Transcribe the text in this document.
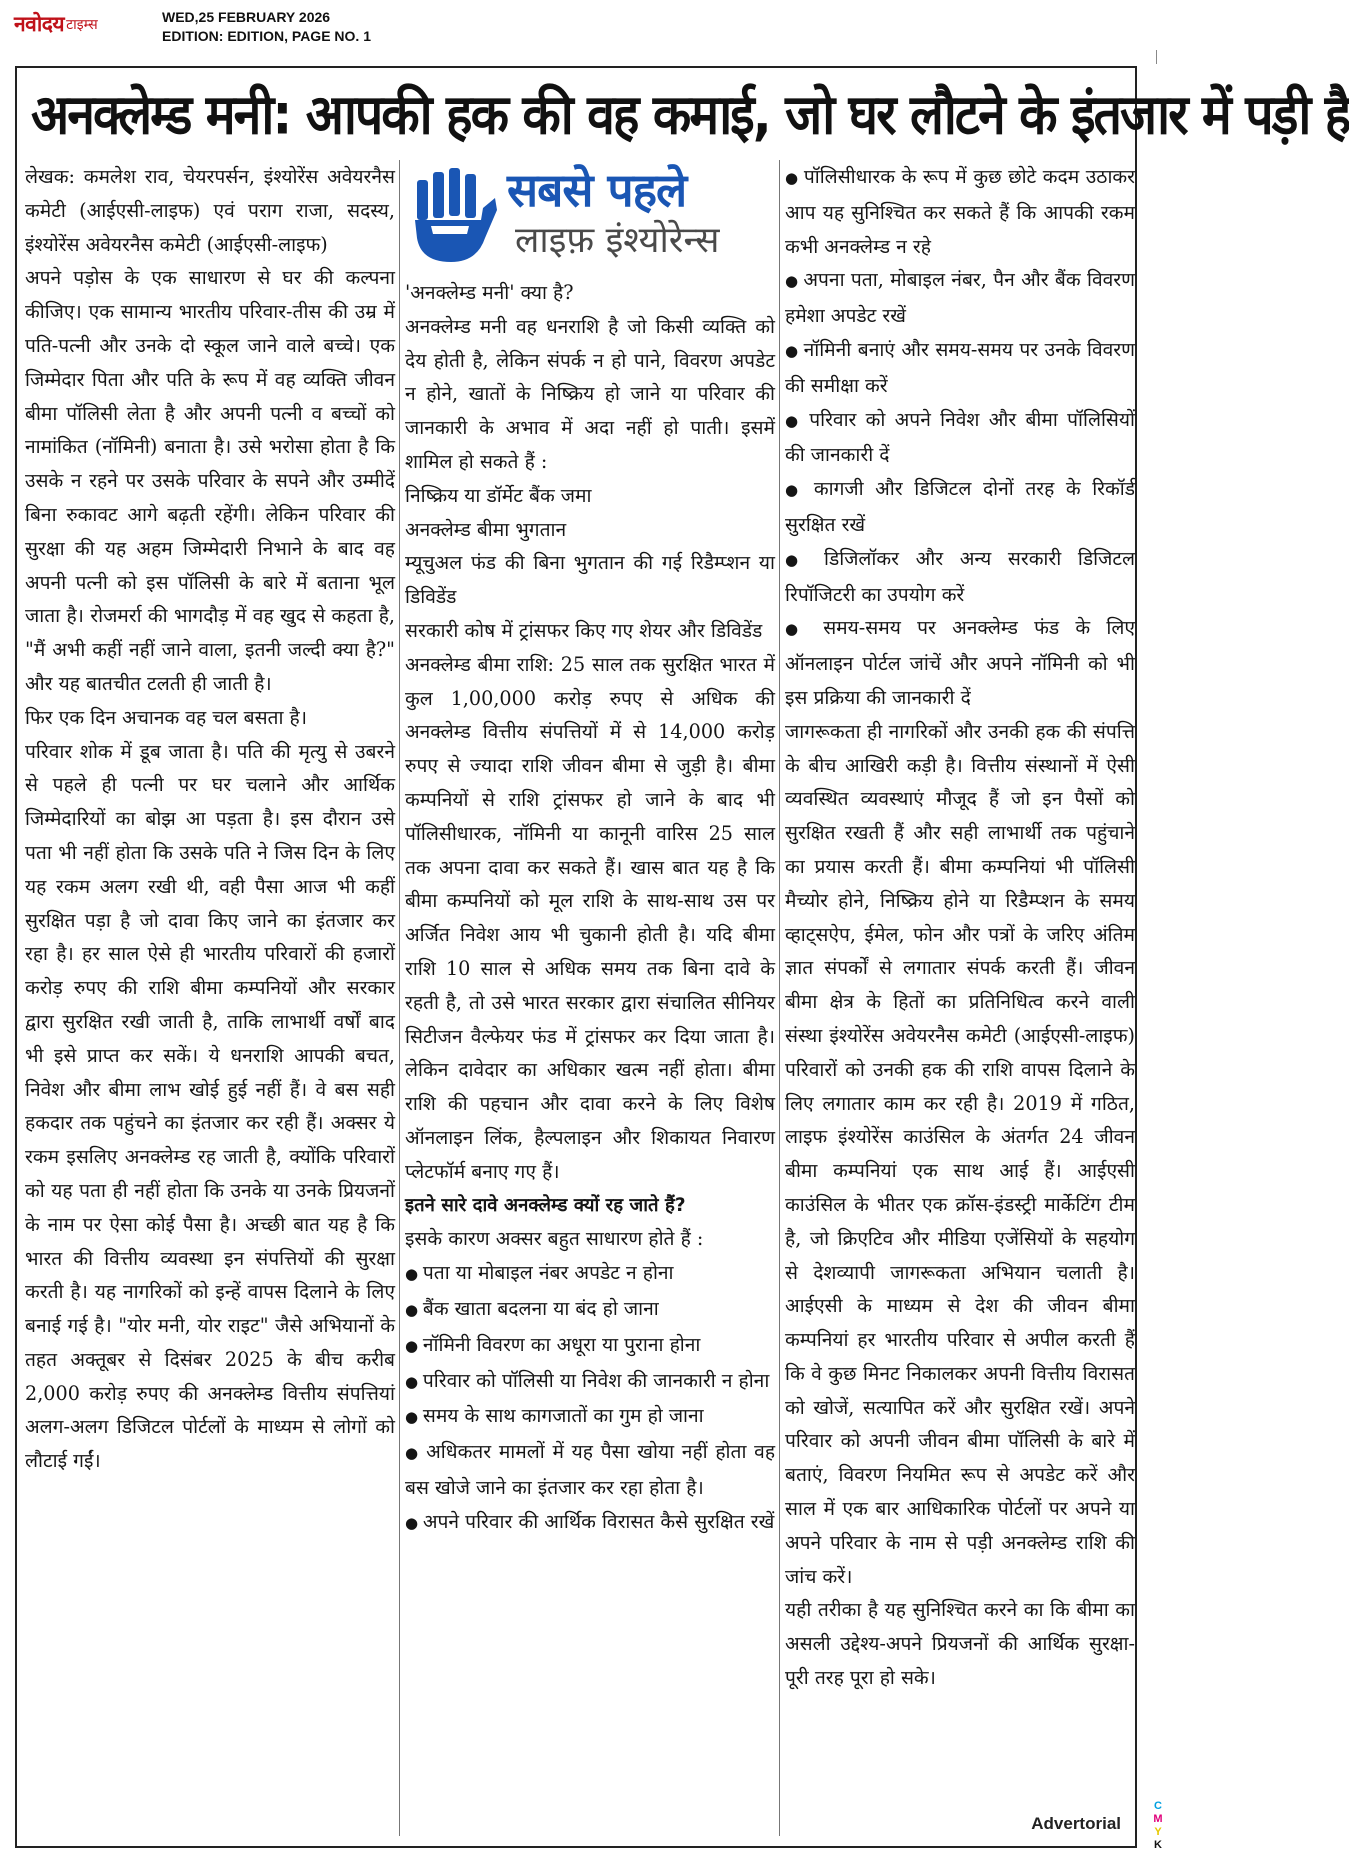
नवोदय टाइम्स	WED,25 FEBRUARY 2026
EDITION: EDITION, PAGE NO. 1
अनक्लेम्ड मनी: आपकी हक की वह कमाई, जो घर लौटने के इंतजार में पड़ी है

लेखक: कमलेश राव, चेयरपर्सन, इंश्योरेंस अवेयरनैस कमेटी (आईएसी-लाइफ) एवं पराग राजा, सदस्य, इंश्योरेंस अवेयरनैस कमेटी (आईएसी-लाइफ)

अपने पड़ोस के एक साधारण से घर की कल्पना कीजिए। एक सामान्य भारतीय परिवार-तीस की उम्र में पति-पत्नी और उनके दो स्कूल जाने वाले बच्चे। एक जिम्मेदार पिता और पति के रूप में वह व्यक्ति जीवन बीमा पॉलिसी लेता है और अपनी पत्नी व बच्चों को नामांकित (नॉमिनी) बनाता है। उसे भरोसा होता है कि उसके न रहने पर उसके परिवार के सपने और उम्मीदें बिना रुकावट आगे बढ़ती रहेंगी। लेकिन परिवार की सुरक्षा की यह अहम जिम्मेदारी निभाने के बाद वह अपनी पत्नी को इस पॉलिसी के बारे में बताना भूल जाता है। रोजमर्रा की भागदौड़ में वह खुद से कहता है, "मैं अभी कहीं नहीं जाने वाला, इतनी जल्दी क्या है?" और यह बातचीत टलती ही जाती है।

फिर एक दिन अचानक वह चल बसता है।

परिवार शोक में डूब जाता है। पति की मृत्यु से उबरने से पहले ही पत्नी पर घर चलाने और आर्थिक जिम्मेदारियों का बोझ आ पड़ता है। इस दौरान उसे पता भी नहीं होता कि उसके पति ने जिस दिन के लिए यह रकम अलग रखी थी, वही पैसा आज भी कहीं सुरक्षित पड़ा है जो दावा किए जाने का इंतजार कर रहा है। हर साल ऐसे ही भारतीय परिवारों की हजारों करोड़ रुपए की राशि बीमा कम्पनियों और सरकार द्वारा सुरक्षित रखी जाती है, ताकि लाभार्थी वर्षों बाद भी इसे प्राप्त कर सकें। ये धनराशि आपकी बचत, निवेश और बीमा लाभ खोई हुई नहीं हैं। वे बस सही हकदार तक पहुंचने का इंतजार कर रही हैं। अक्सर ये रकम इसलिए अनक्लेम्ड रह जाती है, क्योंकि परिवारों को यह पता ही नहीं होता कि उनके या उनके प्रियजनों के नाम पर ऐसा कोई पैसा है। अच्छी बात यह है कि भारत की वित्तीय व्यवस्था इन संपत्तियों की सुरक्षा करती है। यह नागरिकों को इन्हें वापस दिलाने के लिए बनाई गई है। "योर मनी, योर राइट" जैसे अभियानों के तहत अक्तूबर से दिसंबर 2025 के बीच करीब 2,000 करोड़ रुपए की अनक्लेम्ड वित्तीय संपत्तियां अलग-अलग डिजिटल पोर्टलों के माध्यम से लोगों को लौटाई गईं।

सबसे पहले
लाइफ़ इंश्योरेन्स

'अनक्लेम्ड मनी' क्या है?

अनक्लेम्ड मनी वह धनराशि है जो किसी व्यक्ति को देय होती है, लेकिन संपर्क न हो पाने, विवरण अपडेट न होने, खातों के निष्क्रिय हो जाने या परिवार की जानकारी के अभाव में अदा नहीं हो पाती। इसमें शामिल हो सकते हैं :

निष्क्रिय या डॉर्मेट बैंक जमा

अनक्लेम्ड बीमा भुगतान

म्यूचुअल फंड की बिना भुगतान की गई रिडैम्प्शन या डिविडेंड

सरकारी कोष में ट्रांसफर किए गए शेयर और डिविडेंड

अनक्लेम्ड बीमा राशि: 25 साल तक सुरक्षित भारत में कुल 1,00,000 करोड़ रुपए से अधिक की अनक्लेम्ड वित्तीय संपत्तियों में से 14,000 करोड़ रुपए से ज्यादा राशि जीवन बीमा से जुड़ी है। बीमा कम्पनियों से राशि ट्रांसफर हो जाने के बाद भी पॉलिसीधारक, नॉमिनी या कानूनी वारिस 25 साल तक अपना दावा कर सकते हैं। खास बात यह है कि बीमा कम्पनियों को मूल राशि के साथ-साथ उस पर अर्जित निवेश आय भी चुकानी होती है। यदि बीमा राशि 10 साल से अधिक समय तक बिना दावे के रहती है, तो उसे भारत सरकार द्वारा संचालित सीनियर सिटीजन वैल्फेयर फंड में ट्रांसफर कर दिया जाता है। लेकिन दावेदार का अधिकार खत्म नहीं होता। बीमा राशि की पहचान और दावा करने के लिए विशेष ऑनलाइन लिंक, हैल्पलाइन और शिकायत निवारण प्लेटफॉर्म बनाए गए हैं।

इतने सारे दावे अनक्लेम्ड क्यों रह जाते हैं?

इसके कारण अक्सर बहुत साधारण होते हैं :

● पता या मोबाइल नंबर अपडेट न होना

● बैंक खाता बदलना या बंद हो जाना

● नॉमिनी विवरण का अधूरा या पुराना होना

● परिवार को पॉलिसी या निवेश की जानकारी न होना

● समय के साथ कागजातों का गुम हो जाना

● अधिकतर मामलों में यह पैसा खोया नहीं होता वह बस खोजे जाने का इंतजार कर रहा होता है।

● अपने परिवार की आर्थिक विरासत कैसे सुरक्षित रखें

● पॉलिसीधारक के रूप में कुछ छोटे कदम उठाकर आप यह सुनिश्चित कर सकते हैं कि आपकी रकम कभी अनक्लेम्ड न रहे

● अपना पता, मोबाइल नंबर, पैन और बैंक विवरण हमेशा अपडेट रखें

● नॉमिनी बनाएं और समय-समय पर उनके विवरण की समीक्षा करें

● परिवार को अपने निवेश और बीमा पॉलिसियों की जानकारी दें

● कागजी और डिजिटल दोनों तरह के रिकॉर्ड सुरक्षित रखें

● डिजिलॉकर और अन्य सरकारी डिजिटल रिपॉजिटरी का उपयोग करें

● समय-समय पर अनक्लेम्ड फंड के लिए ऑनलाइन पोर्टल जांचें और अपने नॉमिनी को भी इस प्रक्रिया की जानकारी दें

जागरूकता ही नागरिकों और उनकी हक की संपत्ति के बीच आखिरी कड़ी है। वित्तीय संस्थानों में ऐसी व्यवस्थित व्यवस्थाएं मौजूद हैं जो इन पैसों को सुरक्षित रखती हैं और सही लाभार्थी तक पहुंचाने का प्रयास करती हैं। बीमा कम्पनियां भी पॉलिसी मैच्योर होने, निष्क्रिय होने या रिडैम्प्शन के समय व्हाट्सऐप, ईमेल, फोन और पत्रों के जरिए अंतिम ज्ञात संपर्कों से लगातार संपर्क करती हैं। जीवन बीमा क्षेत्र के हितों का प्रतिनिधित्व करने वाली संस्था इंश्योरेंस अवेयरनैस कमेटी (आईएसी-लाइफ) परिवारों को उनकी हक की राशि वापस दिलाने के लिए लगातार काम कर रही है। 2019 में गठित, लाइफ इंश्योरेंस काउंसिल के अंतर्गत 24 जीवन बीमा कम्पनियां एक साथ आई हैं। आईएसी काउंसिल के भीतर एक क्रॉस-इंडस्ट्री मार्केटिंग टीम है, जो क्रिएटिव और मीडिया एजेंसियों के सहयोग से देशव्यापी जागरूकता अभियान चलाती है। आईएसी के माध्यम से देश की जीवन बीमा कम्पनियां हर भारतीय परिवार से अपील करती हैं कि वे कुछ मिनट निकालकर अपनी वित्तीय विरासत को खोजें, सत्यापित करें और सुरक्षित रखें। अपने परिवार को अपनी जीवन बीमा पॉलिसी के बारे में बताएं, विवरण नियमित रूप से अपडेट करें और साल में एक बार आधिकारिक पोर्टलों पर अपने या अपने परिवार के नाम से पड़ी अनक्लेम्ड राशि की जांच करें।

यही तरीका है यह सुनिश्चित करने का कि बीमा का असली उद्देश्य-अपने प्रियजनों की आर्थिक सुरक्षा-पूरी तरह पूरा हो सके।

Advertorial
C
M
Y
K
